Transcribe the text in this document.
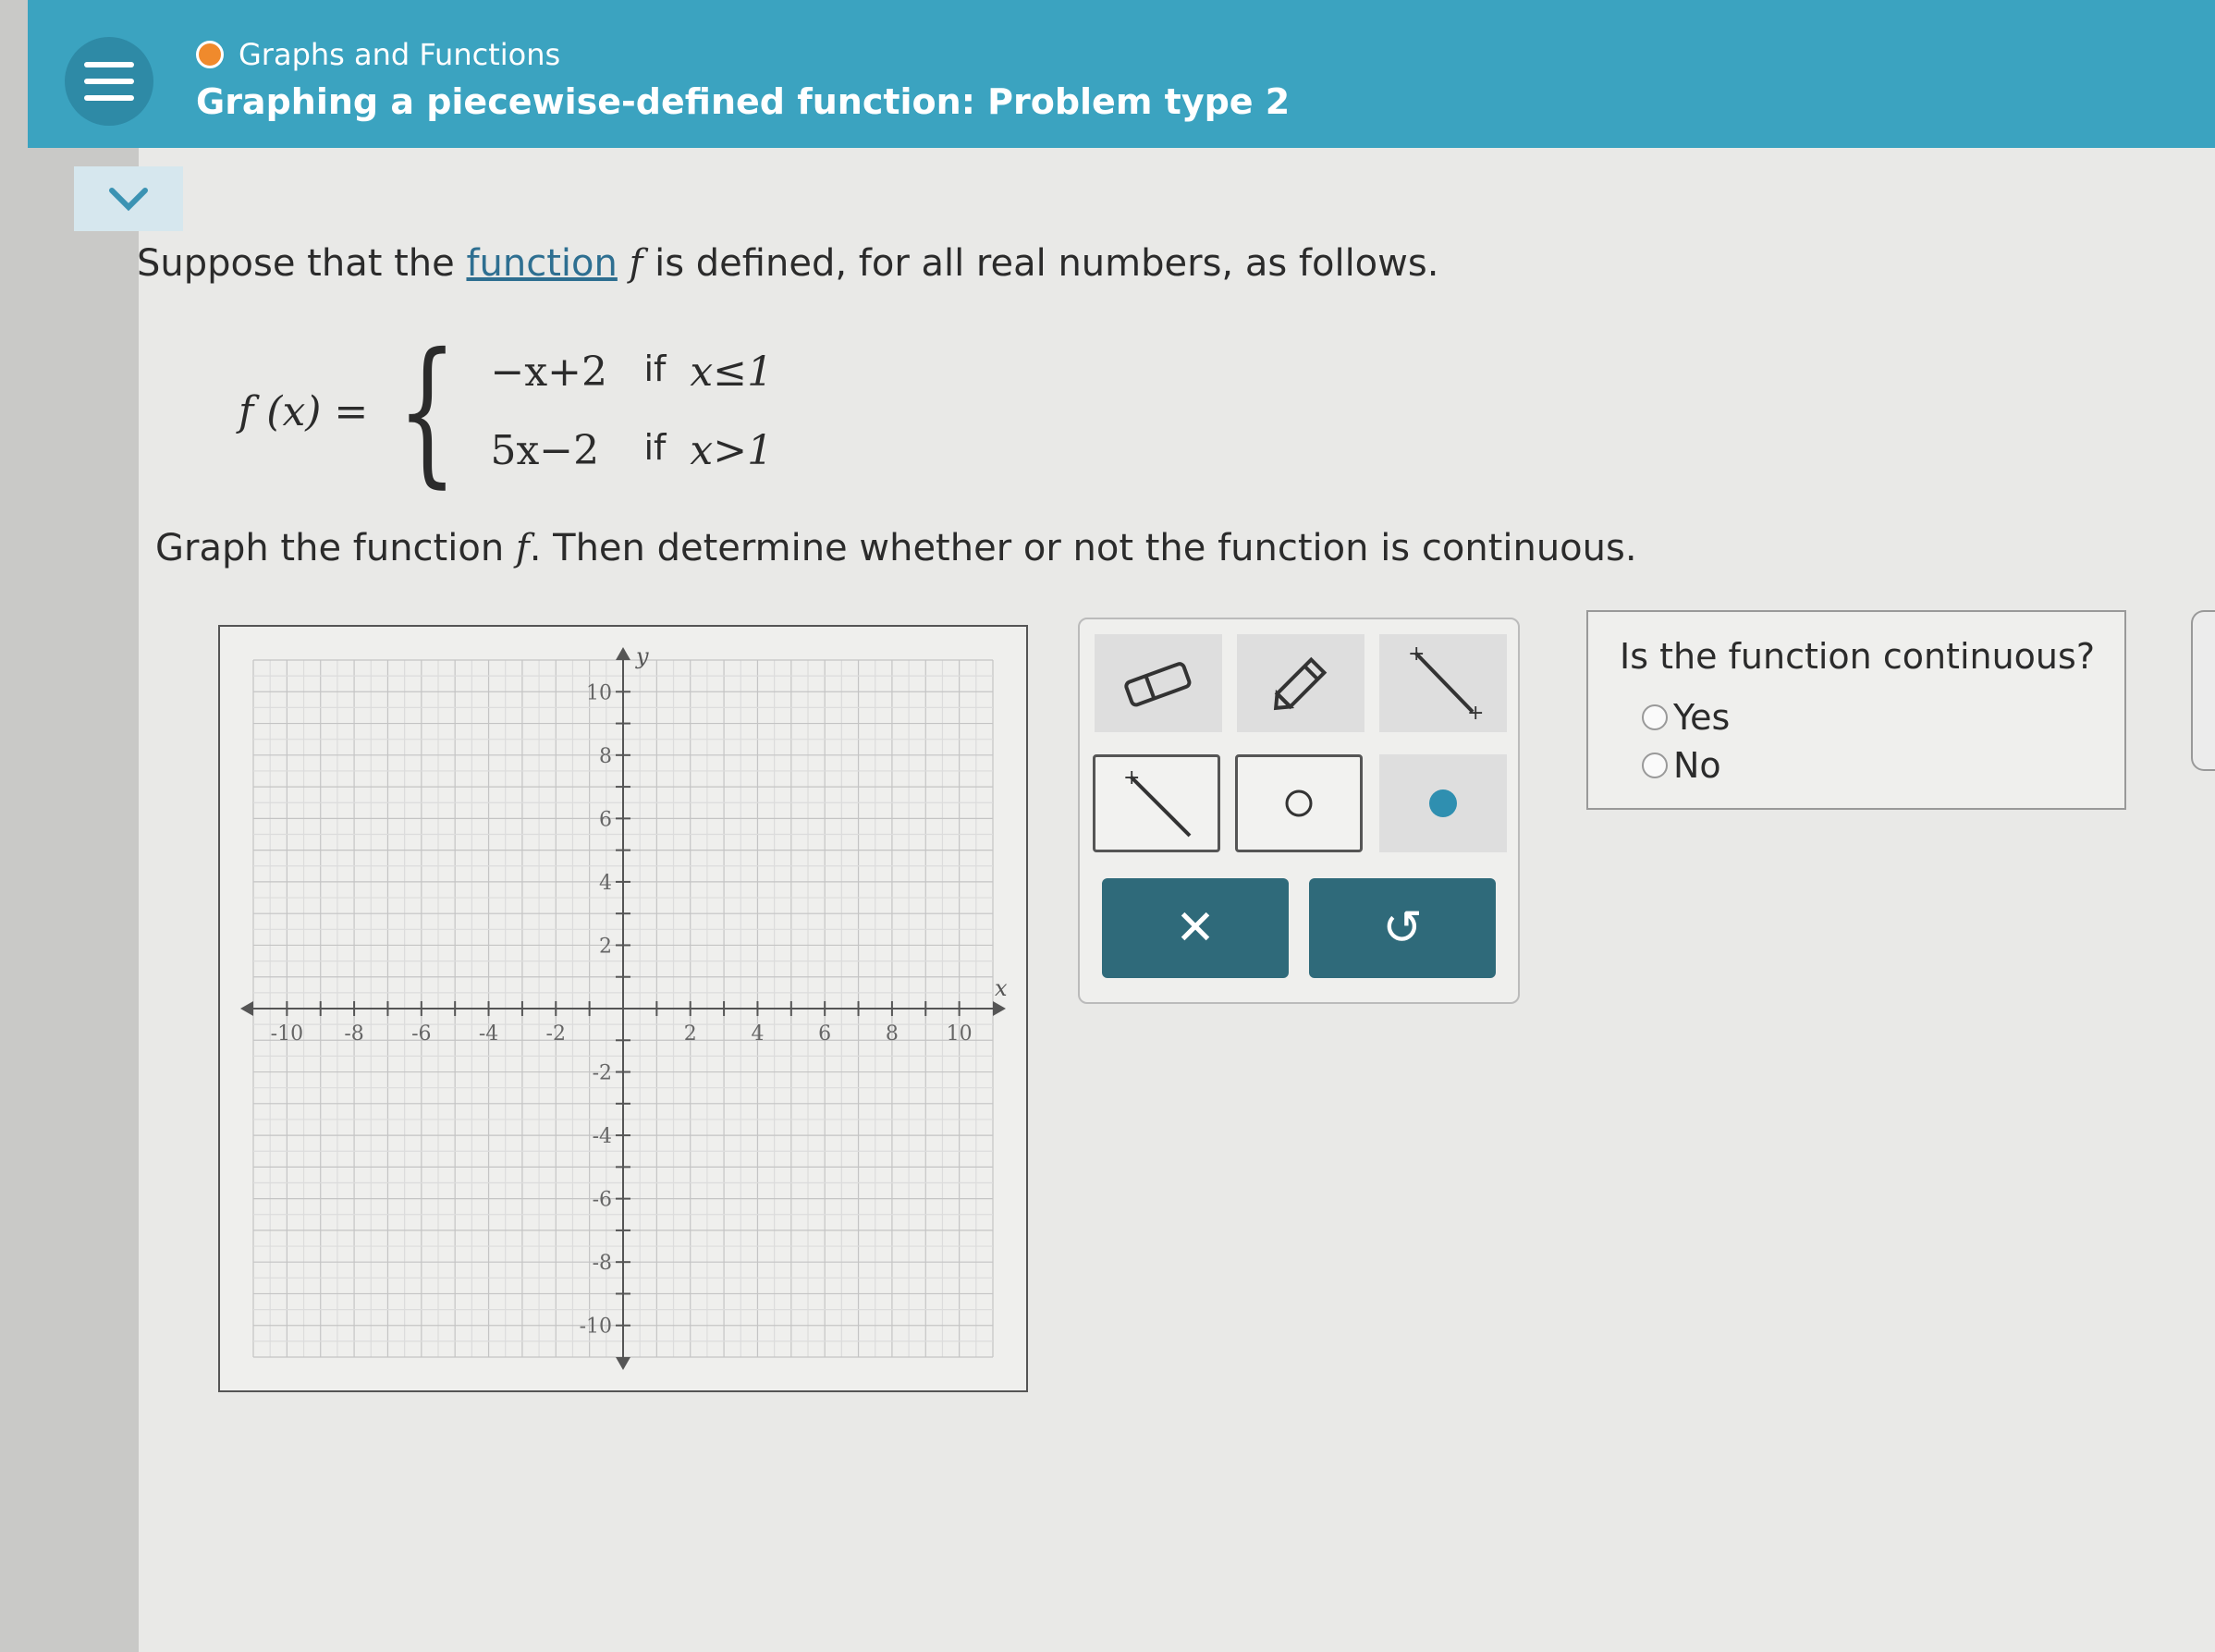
Graphs and Functions
Graphing a piecewise-defined function: Problem type 2
Suppose that the function f is defined, for all real numbers, as follows.
f (x) = { −x+2	if x≤1
5x−2	if x>1
Graph the function f. Then determine whether or not the function is continuous.
-10 -8 -6 -4 -2	2	4	6	8 10
10
8
6
4
2
-2
-4
-6
-8
-10
x
y	+
+
+
✕	↺
Is the function continuous?
Yes
No
